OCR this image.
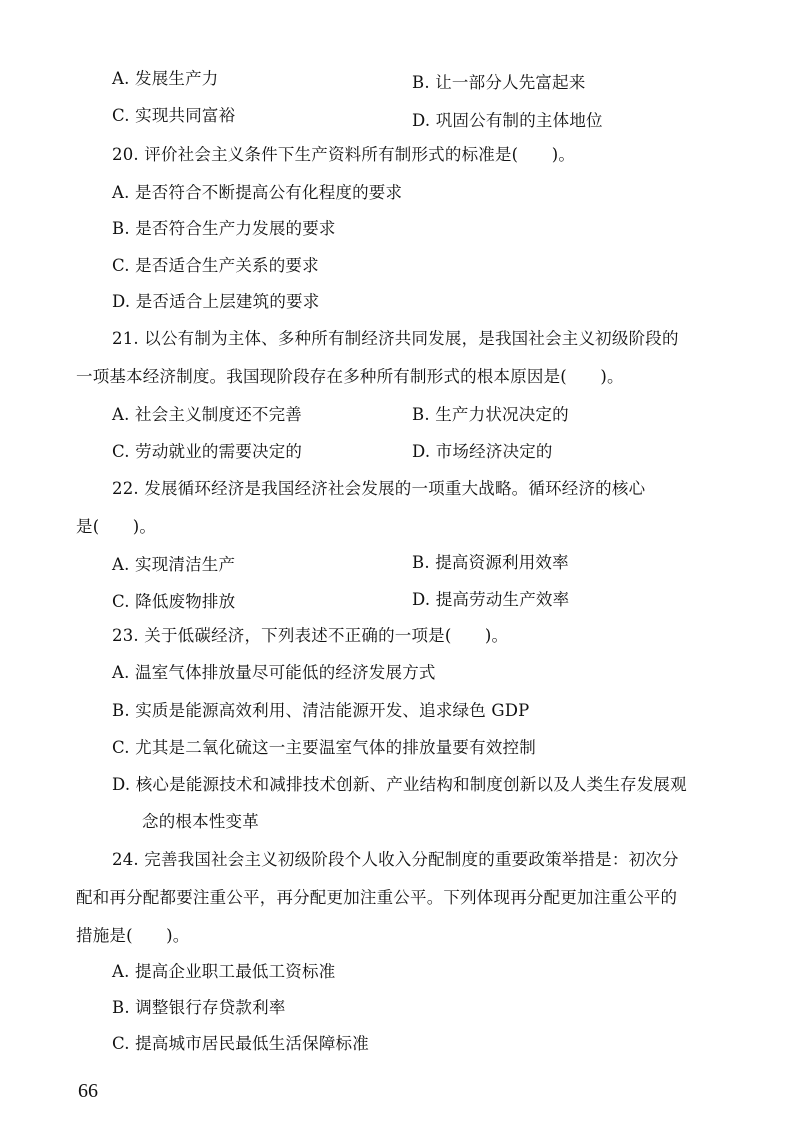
A. 发展生产力	B. 让一部分人先富起来
C. 实现共同富裕	D. 巩固公有制的主体地位
20. 评价社会主义条件下生产资料所有制形式的标准是(　　)。
A. 是否符合不断提高公有化程度的要求
B. 是否符合生产力发展的要求
C. 是否适合生产关系的要求
D. 是否适合上层建筑的要求
21. 以公有制为主体、多种所有制经济共同发展，是我国社会主义初级阶段的
一项基本经济制度。我国现阶段存在多种所有制形式的根本原因是(　　)。
A. 社会主义制度还不完善	B. 生产力状况决定的
C. 劳动就业的需要决定的	D. 市场经济决定的
22. 发展循环经济是我国经济社会发展的一项重大战略。循环经济的核心
是(　　)。
A. 实现清洁生产	B. 提高资源利用效率
C. 降低废物排放	D. 提高劳动生产效率
23. 关于低碳经济，下列表述不正确的一项是(　　)。
A. 温室气体排放量尽可能低的经济发展方式
B. 实质是能源高效利用、清洁能源开发、追求绿色 GDP
C. 尤其是二氧化硫这一主要温室气体的排放量要有效控制
D. 核心是能源技术和减排技术创新、产业结构和制度创新以及人类生存发展观
念的根本性变革
24. 完善我国社会主义初级阶段个人收入分配制度的重要政策举措是：初次分
配和再分配都要注重公平，再分配更加注重公平。下列体现再分配更加注重公平的
措施是(　　)。
A. 提高企业职工最低工资标准
B. 调整银行存贷款利率
C. 提高城市居民最低生活保障标准
66
